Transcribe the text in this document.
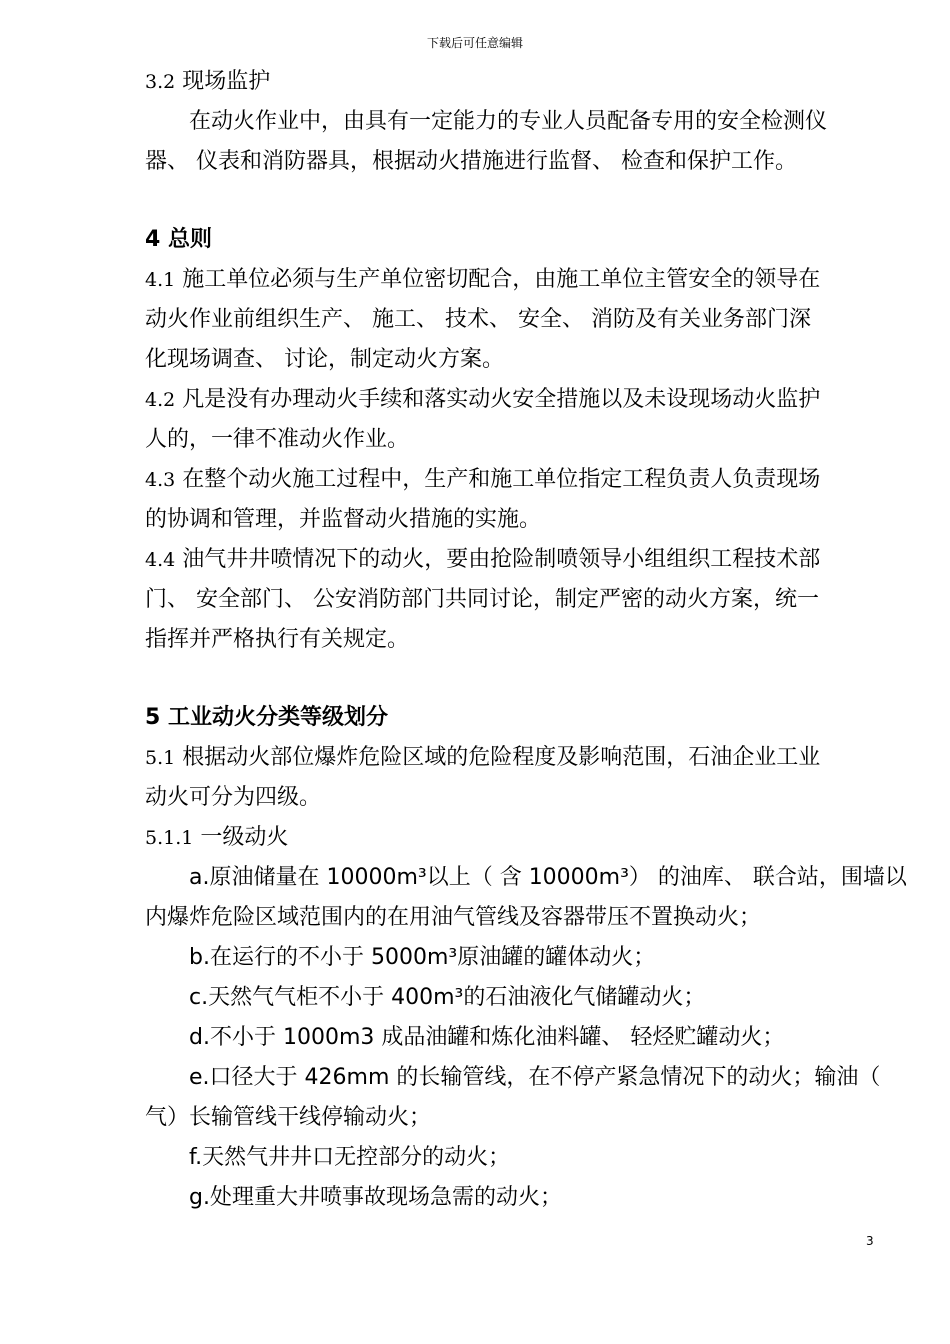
下载后可任意编辑
3.2 现场监护
在动火作业中，由具有一定能力的专业人员配备专用的安全检测仪
器、 仪表和消防器具，根据动火措施进行监督、 检查和保护工作。
4 总则
4.1 施工单位必须与生产单位密切配合，由施工单位主管安全的领导在
动火作业前组织生产、 施工、 技术、 安全、 消防及有关业务部门深
化现场调查、 讨论，制定动火方案。
4.2 凡是没有办理动火手续和落实动火安全措施以及未设现场动火监护
人的，一律不准动火作业。
4.3 在整个动火施工过程中，生产和施工单位指定工程负责人负责现场
的协调和管理，并监督动火措施的实施。
4.4 油气井井喷情况下的动火，要由抢险制喷领导小组组织工程技术部
门、 安全部门、 公安消防部门共同讨论，制定严密的动火方案，统一
指挥并严格执行有关规定。
5 工业动火分类等级划分
5.1 根据动火部位爆炸危险区域的危险程度及影响范围，石油企业工业
动火可分为四级。
5.1.1 一级动火
a.原油储量在 10000m³以上（ 含 10000m³） 的油库、 联合站，围墙以
内爆炸危险区域范围内的在用油气管线及容器带压不置换动火；
b.在运行的不小于 5000m³原油罐的罐体动火；
c.天然气气柜不小于 400m³的石油液化气储罐动火；
d.不小于 1000m3 成品油罐和炼化油料罐、 轻烃贮罐动火；
e.口径大于 426mm 的长输管线，在不停产紧急情况下的动火；输油（
气）长输管线干线停输动火；
f.天然气井井口无控部分的动火；
g.处理重大井喷事故现场急需的动火；
3
